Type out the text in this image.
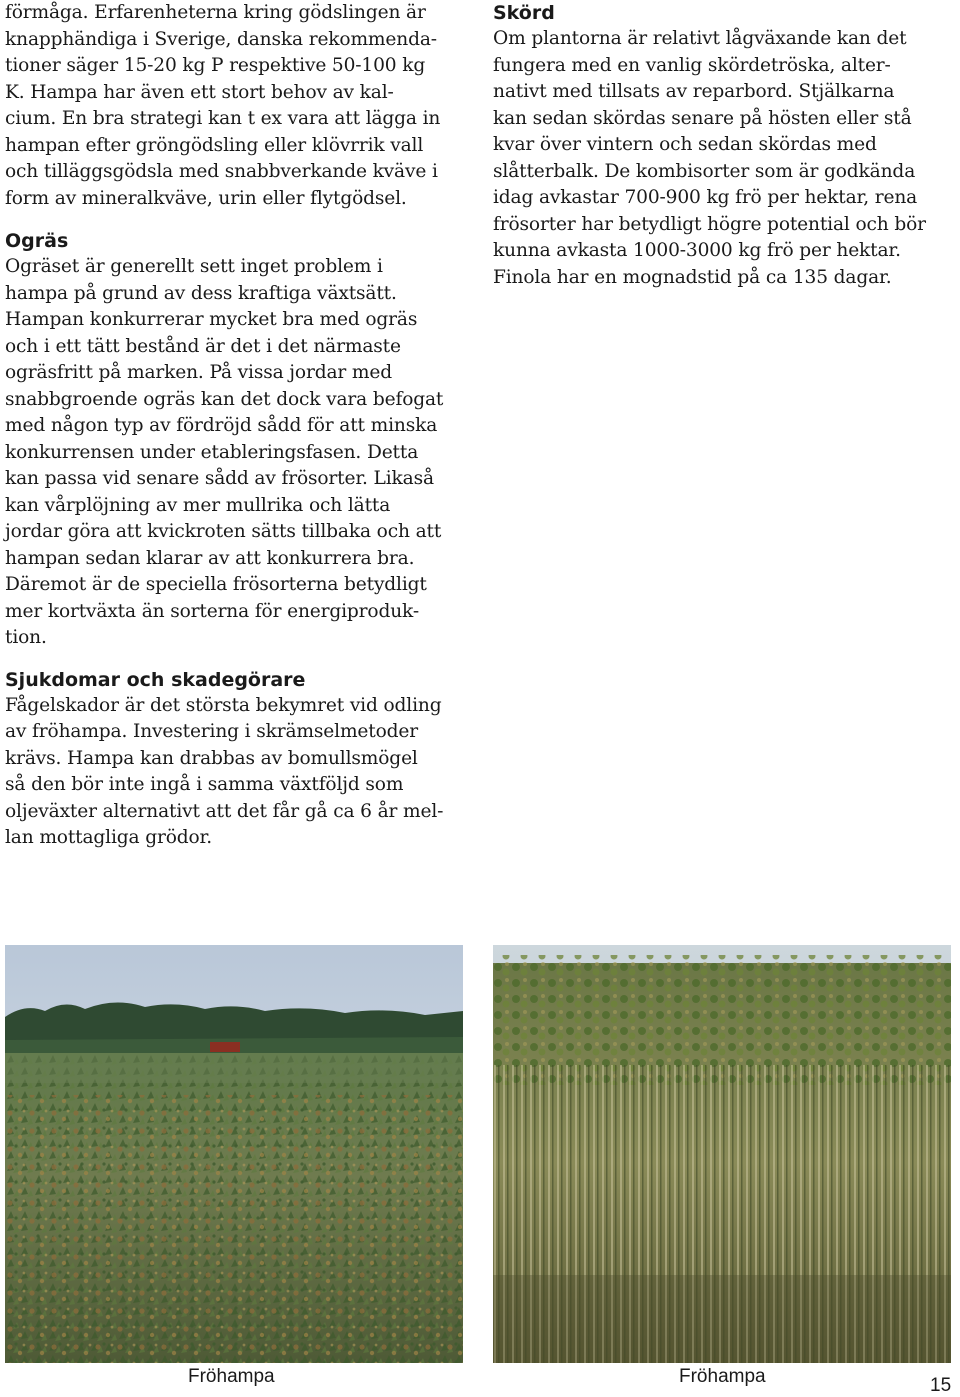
förmåga. Erfarenheterna kring gödslingen är
knapphändiga i Sverige, danska rekommenda-
tioner säger 15-20 kg P respektive 50-100 kg
K. Hampa har även ett stort behov av kal-
cium. En bra strategi kan t ex vara att lägga in
hampan efter gröngödsling eller klövrrik vall
och tilläggsgödsla med snabbverkande kväve i
form av mineralkväve, urin eller flytgödsel.
Ogräs
Ogräset är generellt sett inget problem i
hampa på grund av dess kraftiga växtsätt.
Hampan konkurrerar mycket bra med ogräs
och i ett tätt bestånd är det i det närmaste
ogräsfritt på marken. På vissa jordar med
snabbgroende ogräs kan det dock vara befogat
med någon typ av fördröjd sådd för att minska
konkurrensen under etableringsfasen. Detta
kan passa vid senare sådd av frösorter. Likaså
kan vårplöjning av mer mullrika och lätta
jordar göra att kvickroten sätts tillbaka och att
hampan sedan klarar av att konkurrera bra.
Däremot är de speciella frösorterna betydligt
mer kortväxta än sorterna för energiproduk-
tion.
Sjukdomar och skadegörare
Fågelskador är det största bekymret vid odling
av fröhampa. Investering i skrämselmetoder
krävs. Hampa kan drabbas av bomullsmögel
så den bör inte ingå i samma växtföljd som
oljeväxter alternativt att det får gå ca 6 år mel-
lan mottagliga grödor.
Skörd
Om plantorna är relativt lågväxande kan det
fungera med en vanlig skördetröska, alter-
nativt med tillsats av reparbord. Stjälkarna
kan sedan skördas senare på hösten eller stå
kvar över vintern och sedan skördas med
slåtterbalk. De kombisorter som är godkända
idag avkastar 700-900 kg frö per hektar, rena
frösorter har betydligt högre potential och bör
kunna avkasta 1000-3000 kg frö per hektar.
Finola har en mognadstid på ca 135 dagar.
Fröhampa	Fröhampa	15
